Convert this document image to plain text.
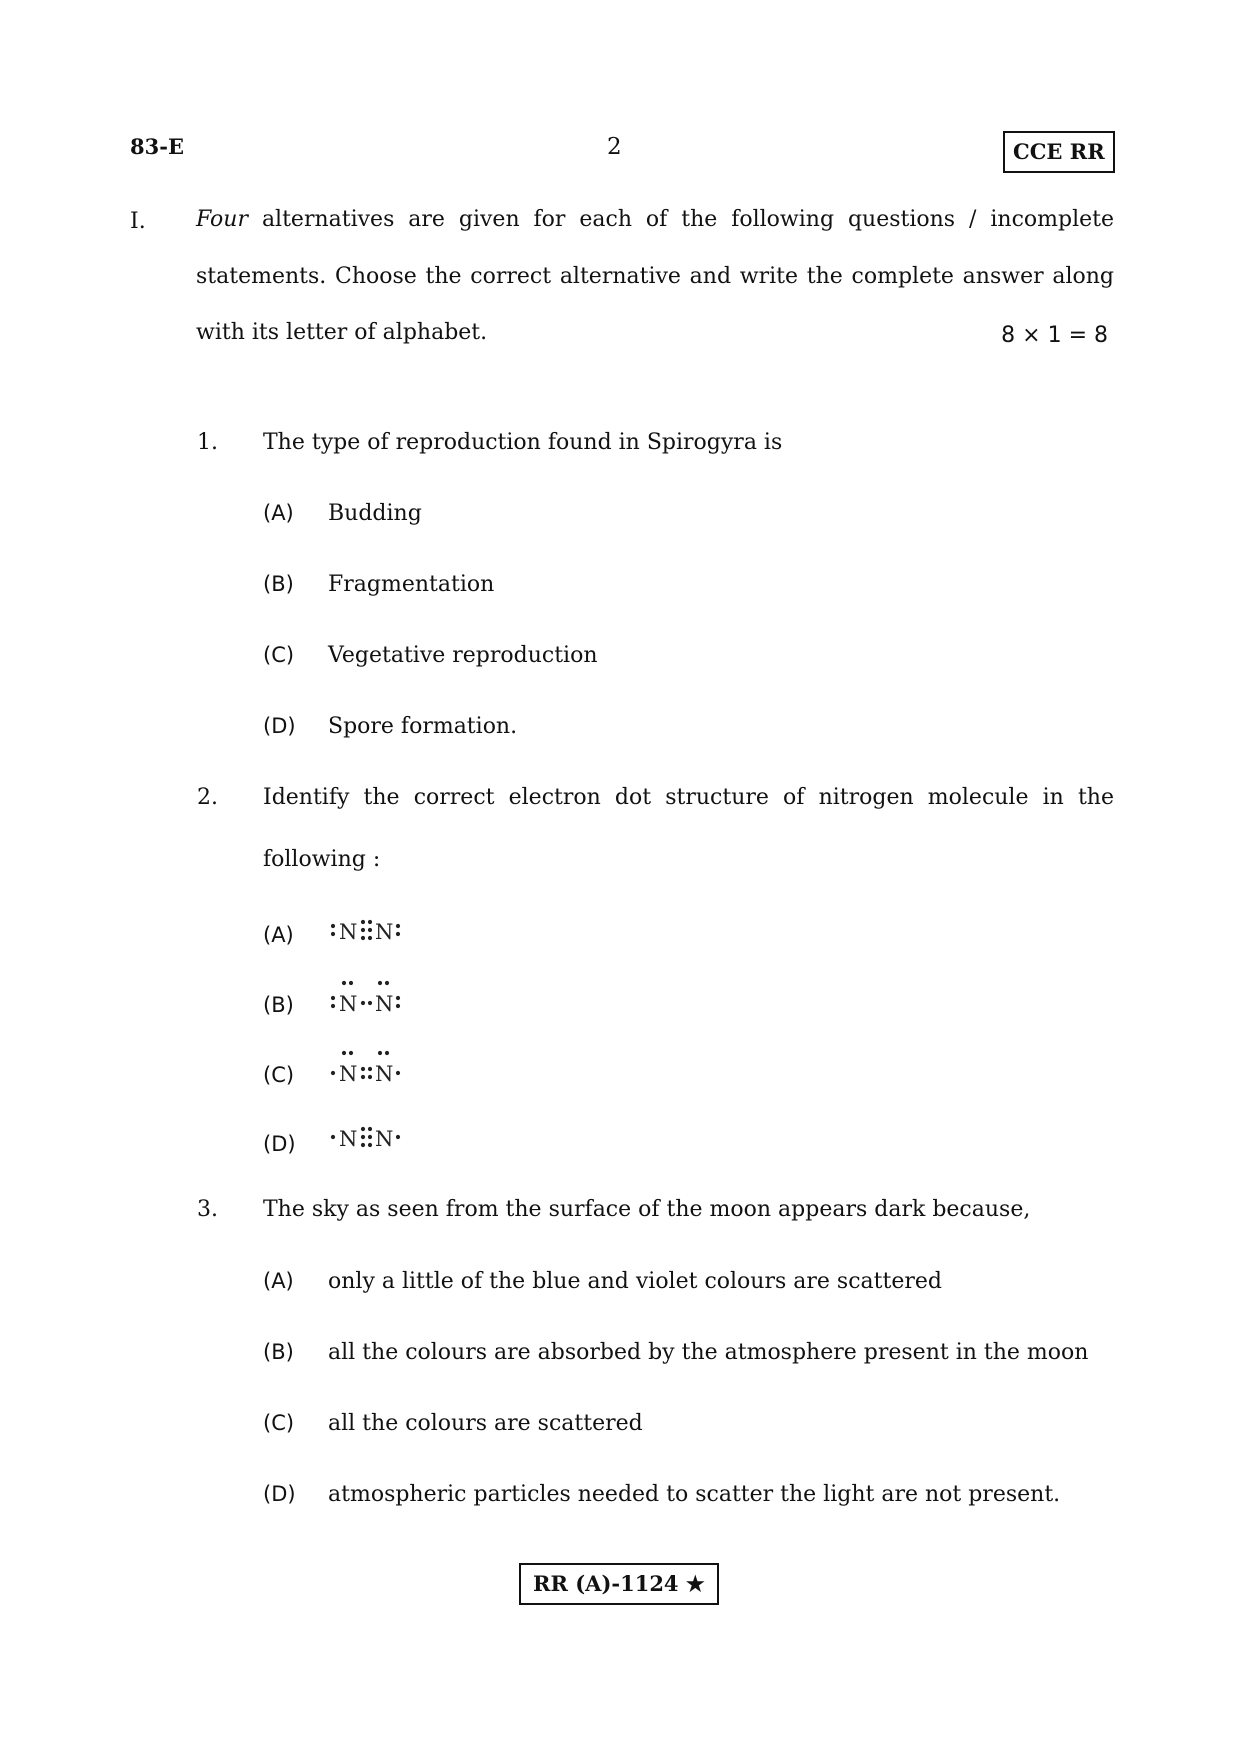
83-E	2	CCE RR
I. Four alternatives are given for each of the following questions / incomplete
statements. Choose the correct alternative and write the complete answer along
with its letter of alphabet.	8 × 1 = 8
1. The type of reproduction found in Spirogyra is
(A) Budding
(B) Fragmentation
(C) Vegetative reproduction
(D) Spore formation.
2. Identify the correct electron dot structure of nitrogen molecule in the
following :
(A) N N
(B) N N
(C) N N
(D) N N
3. The sky as seen from the surface of the moon appears dark because,
(A) only a little of the blue and violet colours are scattered
(B) all the colours are absorbed by the atmosphere present in the moon
(C) all the colours are scattered
(D) atmospheric particles needed to scatter the light are not present.
RR (A)-1124 ★
